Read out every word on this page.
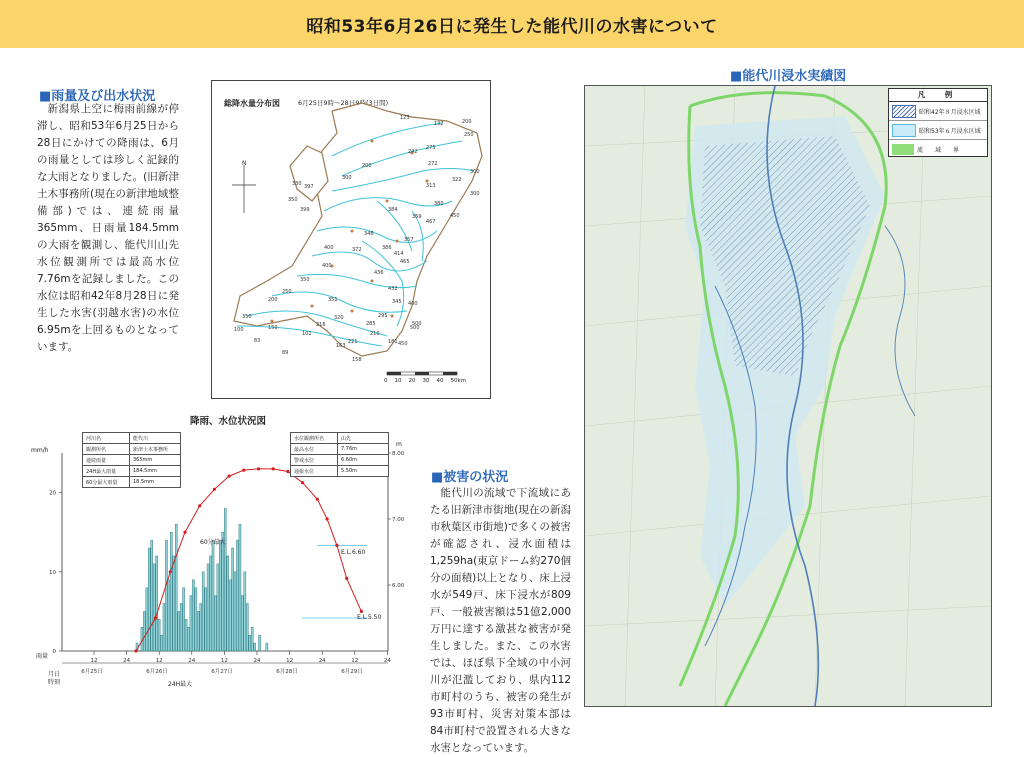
昭和53年6月26日に発生した能代川の水害について
■雨量及び出水状況
新潟県上空に梅雨前線が停滞し、昭和53年6月25日から28日にかけての降雨は、6月の雨量としては珍しく記録的な大雨となりました。(旧新津土木事務所(現在の新津地域整備部)では、連続雨量365mm、日雨量184.5mmの大雨を観測し、能代川山先水位観測所では最高水位7.76mを記録しました。この水位は昭和42年8月28日に発生した水害(羽越水害)の水位6.95mを上回るものとなっています。
総降水量分布図	6月25日9時〜28日9時(3日間)
123
132	200
250
242
275
272
322
300
313
384
359
380
467
450
346
357
372	386
414
436
465
432
351
320
216
150
101
89
83	221
158
163
210
295
345
285
181
500
397
399
350
330
200
300
400
400
350
250
200
350
100
400
500
450
300
N
0 10 20 30 40 50km
降雨、水位状況図
0
10
20
6.00
7.00
8.00
12	24	12	24	12	24	12	24	12	24
6月25日	6月26日	6月27日	6月28日	6月29日
河川名	能代川
観測所名	新津土木事務所
連続雨量	365mm
24H最大雨量	184.5mm
60分最大雨量	18.5mm
水位観測所名	山先
最高水位	7.76m
警戒水位	6.60m
通報水位	5.50m
mm/h
m
雨量
月日
時刻
60分最大
24H最大
E.L.6.60
E.L.5.50
■被害の状況
能代川の流域で下流域にあたる旧新津市街地(現在の新潟市秋葉区市街地)で多くの被害が確認され、浸水面積は1,259ha(東京ドーム約270個分の面積)以上となり、床上浸水が549戸、床下浸水が809戸、一般被害額は51億2,000万円に達する激甚な被害が発生しました。また、この水害では、ほぼ県下全域の中小河川が氾濫しており、県内112市町村のうち、被害の発生が93市町村、災害対策本部は84市町村で設置される大きな水害となっています。
■能代川浸水実績図
凡　例
昭和42年８月浸水区域
昭和53年６月浸水区域
流　　域　　界
